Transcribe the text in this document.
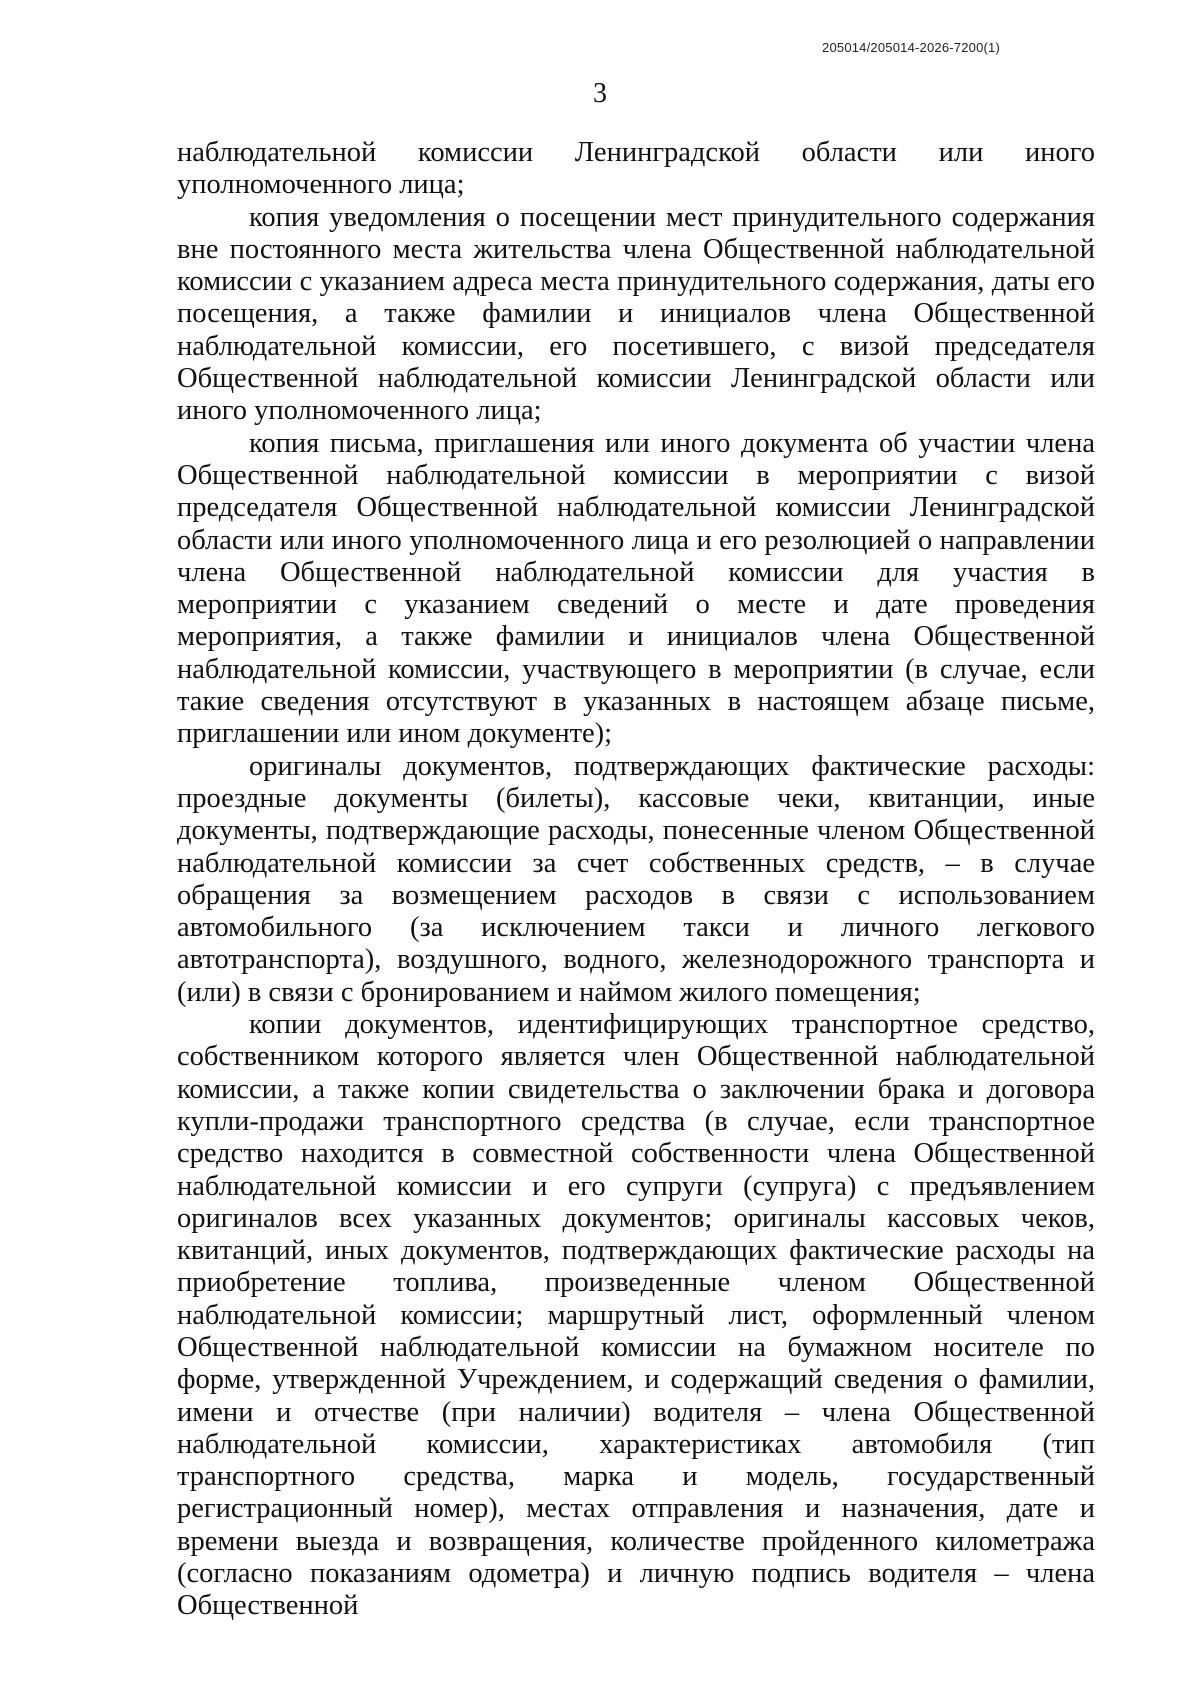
205014/205014-2026-7200(1)
3

наблюдательной комиссии Ленинградской области или иного уполномоченного лица;

копия уведомления о посещении мест принудительного содержания вне постоянного места жительства члена Общественной наблюдательной комиссии с указанием адреса места принудительного содержания, даты его посещения, а также фамилии и инициалов члена Общественной наблюдательной комиссии, его посетившего, с визой председателя Общественной наблюдательной комиссии Ленинградской области или иного уполномоченного лица;

копия письма, приглашения или иного документа об участии члена Общественной наблюдательной комиссии в мероприятии с визой председателя Общественной наблюдательной комиссии Ленинградской области или иного уполномоченного лица и его резолюцией о направлении члена Общественной наблюдательной комиссии для участия в мероприятии с указанием сведений о месте и дате проведения мероприятия, а также фамилии и инициалов члена Общественной наблюдательной комиссии, участвующего в мероприятии (в случае, если такие сведения отсутствуют в указанных в настоящем абзаце письме, приглашении или ином документе);

оригиналы документов, подтверждающих фактические расходы: проездные документы (билеты), кассовые чеки, квитанции, иные документы, подтверждающие расходы, понесенные членом Общественной наблюдательной комиссии за счет собственных средств, – в случае обращения за возмещением расходов в связи с использованием автомобильного (за исключением такси и личного легкового автотранспорта), воздушного, водного, железнодорожного транспорта и (или) в связи с бронированием и наймом жилого помещения;

копии документов, идентифицирующих транспортное средство, собственником которого является член Общественной наблюдательной комиссии, а также копии свидетельства о заключении брака и договора купли-продажи транспортного средства (в случае, если транспортное средство находится в совместной собственности члена Общественной наблюдательной комиссии и его супруги (супруга) с предъявлением оригиналов всех указанных документов; оригиналы кассовых чеков, квитанций, иных документов, подтверждающих фактические расходы на приобретение топлива, произведенные членом Общественной наблюдательной комиссии; маршрутный лист, оформленный членом Общественной наблюдательной комиссии на бумажном носителе по форме, утвержденной Учреждением, и содержащий сведения о фамилии, имени и отчестве (при наличии) водителя – члена Общественной наблюдательной комиссии, характеристиках автомобиля (тип транспортного средства, марка и модель, государственный регистрационный номер), местах отправления и назначения, дате и времени выезда и возвращения, количестве пройденного километража (согласно показаниям одометра) и личную подпись водителя – члена Общественной
